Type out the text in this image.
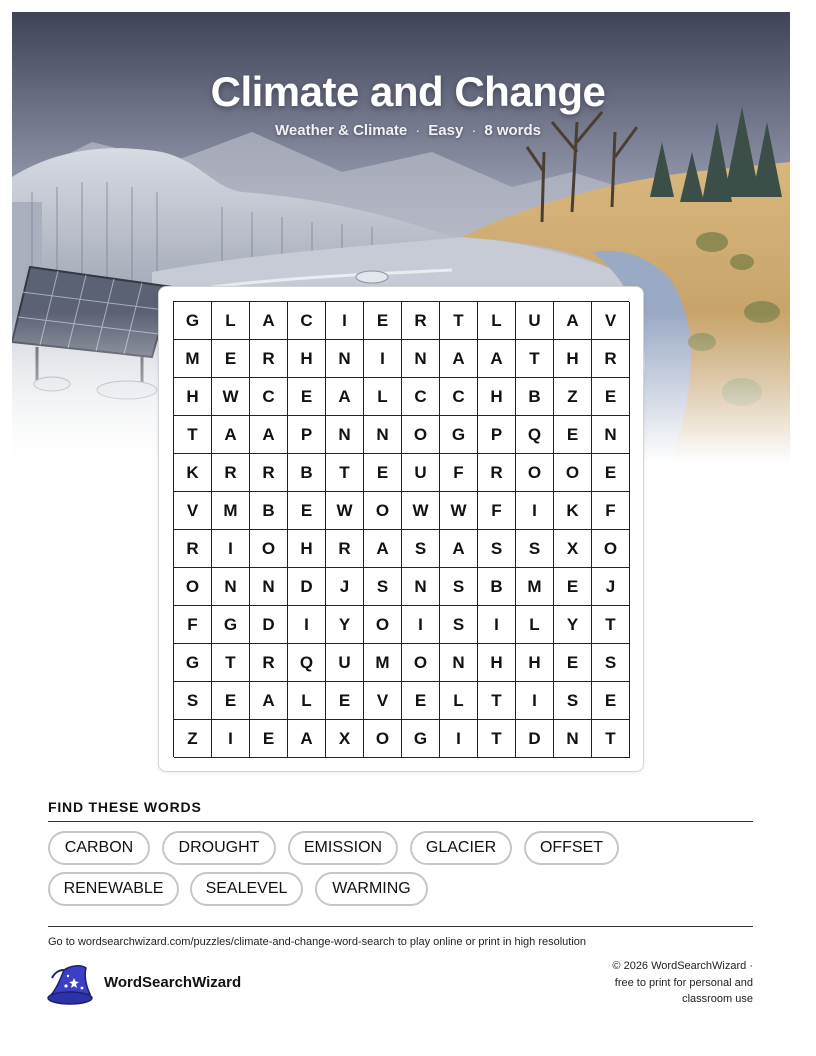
Climate and Change
Weather & Climate · Easy · 8 words
G	L	A	C	I	E	R	T	L	U	A	V
M	E	R	H	N	I	N	A	A	T	H	R
H	W	C	E	A	L	C	C	H	B	Z	E
T	A	A	P	N	N	O	G	P	Q	E	N
K	R	R	B	T	E	U	F	R	O	O	E
V	M	B	E	W	O	W	W	F	I	K	F
R	I	O	H	R	A	S	A	S	S	X	O
O	N	N	D	J	S	N	S	B	M	E	J
F	G	D	I	Y	O	I	S	I	L	Y	T
G	T	R	Q	U	M	O	N	H	H	E	S
S	E	A	L	E	V	E	L	T	I	S	E
Z	I	E	A	X	O	G	I	T	D	N	T
FIND THESE WORDS
CARBON	DROUGHT	EMISSION	GLACIER	OFFSET
RENEWABLE	SEALEVEL	WARMING
Go to wordsearchwizard.com/puzzles/climate-and-change-word-search to play online or print in high resolution
WordSearchWizard
© 2026 WordSearchWizard ·
free to print for personal and
classroom use
